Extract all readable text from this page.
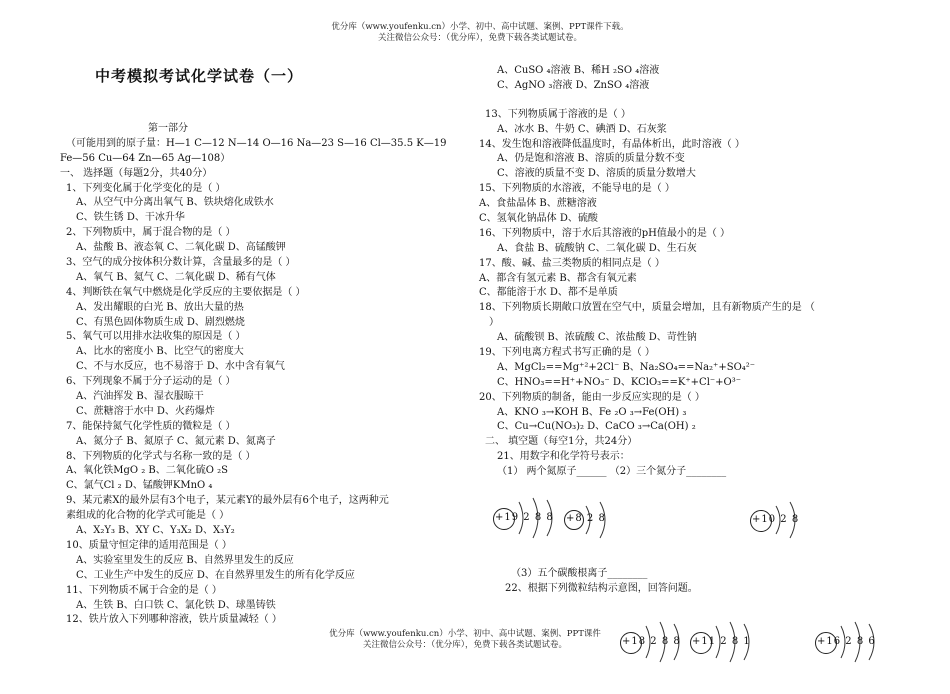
优分库（www.youfenku.cn）小学、初中、高中试题、案例、PPT课件下载。
关注微信公众号：（优分库），免费下载各类试题试卷。
中考模拟考试化学试卷（一）
第一部分
（可能用到的原子量：H—1 C—12 N—14 O—16 Na—23 S—16 Cl—35.5 K—19
Fe—56 Cu—64 Zn—65 Ag—108）
一、 选择题（每题2分，共40分）
1、下列变化属于化学变化的是（ ）
A、从空气中分离出氧气 B、铁块熔化成铁水
C、铁生锈 D、干冰升华
2、下列物质中，属于混合物的是（ ）
A、盐酸 B、液态氧 C、二氧化碳 D、高锰酸钾
3、空气的成分按体积分数计算，含量最多的是（ ）
A、氧气 B、氦气 C、二氧化碳 D、稀有气体
4、判断铁在氧气中燃烧是化学反应的主要依据是（ ）
A、发出耀眼的白光 B、放出大量的热
C、有黑色固体物质生成 D、剧烈燃烧
5、氧气可以用排水法收集的原因是（ ）
A、比水的密度小 B、比空气的密度大
C、不与水反应，也不易溶于 D、水中含有氧气
6、下列现象不属于分子运动的是（ ）
A、汽油挥发 B、湿衣服晾干
C、蔗糖溶于水中 D、火药爆炸
7、能保持氮气化学性质的微粒是（ ）
A、氮分子 B、氮原子 C、氮元素 D、氮离子
8、下列物质的化学式与名称一致的是（ ）
A、氧化铁MgO ₂ B、二氧化硫O ₂S
C、氯气Cl ₂ D、锰酸钾KMnO ₄
9、某元素X的最外层有3个电子，某元素Y的最外层有6个电子，这两种元
素组成的化合物的化学式可能是（ ）
A、X₂Y₃ B、XY C、Y₃X₂ D、X₃Y₂
10、质量守恒定律的适用范围是（ ）
A、实验室里发生的反应 B、自然界里发生的反应
C、工业生产中发生的反应 D、在自然界里发生的所有化学反应
11、下列物质不属于合金的是（ ）
A、生铁 B、白口铁 C、氯化铁 D、球墨铸铁
12、铁片放入下列哪种溶液，铁片质量减轻（ ）
A、CuSO ₄溶液 B、稀H ₂SO ₄溶液
C、AgNO ₃溶液 D、ZnSO ₄溶液
13、下列物质属于溶液的是（ ）
A、冰水 B、牛奶 C、碘酒 D、石灰浆
14、发生饱和溶液降低温度时，有晶体析出，此时溶液（ ）
A、仍是饱和溶液 B、溶质的质量分数不变
C、溶液的质量不变 D、溶质的质量分数增大
15、下列物质的水溶液，不能导电的是（ ）
A、食盐晶体 B、蔗糖溶液
C、氢氧化钠晶体 D、硫酸
16、下列物质中，溶于水后其溶液的pH值最小的是（ ）
A、食盐 B、硫酸钠 C、二氧化碳 D、生石灰
17、酸、碱、盐三类物质的相同点是（ ）
A、都含有氢元素 B、都含有氧元素
C、都能溶于水 D、都不是单质
18、下列物质长期敞口放置在空气中，质量会增加，且有新物质产生的是 （
）
A、硫酸钡 B、浓硫酸 C、浓盐酸 D、苛性钠
19、下列电离方程式书写正确的是（ ）
A、MgCl₂==Mg⁺²+2Cl⁻ B、Na₂SO₄==Na₂⁺+SO₄²⁻
C、HNO₃==H⁺+NO₃⁻ D、KClO₃==K⁺+Cl⁻+O³⁻
20、下列物质的制备，能由一步反应实现的是（ ）
A、KNO ₃→KOH B、Fe ₂O ₃→Fe(OH) ₃
C、Cu→Cu(NO₃)₂ D、CaCO ₃→Ca(OH) ₂
二、 填空题（每空1分，共24分）
21、用数字和化学符号表示：
（1） 两个氮原子______ （2）三个氮分子________
+19 2 8 8 +8 2 8	+10 2 8
（3）五个碳酸根离子________
22、根据下列微粒结构示意图，回答问题。
优分库（www.youfenku.cn）小学、初中、高中试题、案例、PPT课件
关注微信公众号：（优分库），免费下载各类试题试卷。	+18 2 8 8 +11 2 8 1	+16 2 8 6
